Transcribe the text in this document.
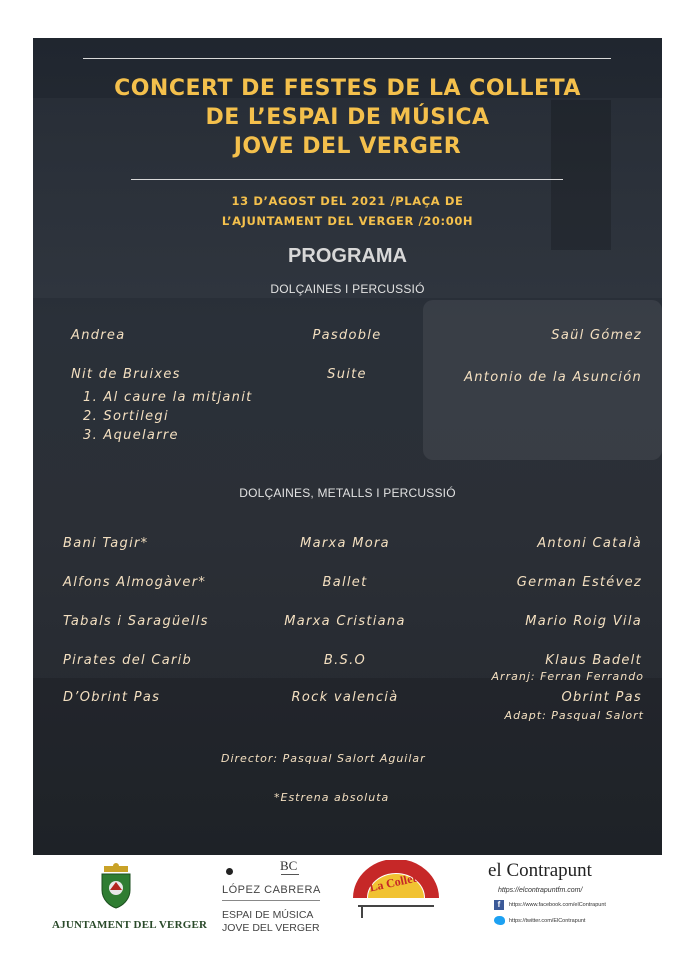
CONCERT DE FESTES DE LA COLLETA
DE L’ESPAI DE MÚSICA
JOVE DEL VERGER
13 D’AGOST DEL 2021 /PLAÇA DE
L’AJUNTAMENT DEL VERGER /20:00H
PROGRAMA
DOLÇAINES I PERCUSSIÓ
Andrea	Pasdoble	Saül Gómez
Nit de Bruixes	Suite	Antonio de la Asunción
1. Al caure la mitjanit
2. Sortilegi
3. Aquelarre
DOLÇAINES, METALLS I PERCUSSIÓ
Bani Tagir*	Marxa Mora	Antoni Català
Alfons Almogàver*	Ballet	German Estévez
Tabals i Saragüells	Marxa Cristiana	Mario Roig Vila
Pirates del Carib	B.S.O	Klaus Badelt
Arranj: Ferran Ferrando
D’Obrint Pas	Rock valencià	Obrint Pas
Adapt: Pasqual Salort
Director: Pasqual Salort Aguilar
*Estrena absoluta
AJUNTAMENT DEL VERGER
BC
LÓPEZ CABRERA
ESPAI DE MÚSICA
JOVE DEL VERGER
La Colleta	el Contrapunt
https://elcontrapuntfm.com/
f	https://www.facebook.com/elContrapunt
https://twitter.com/ElContrapunt
